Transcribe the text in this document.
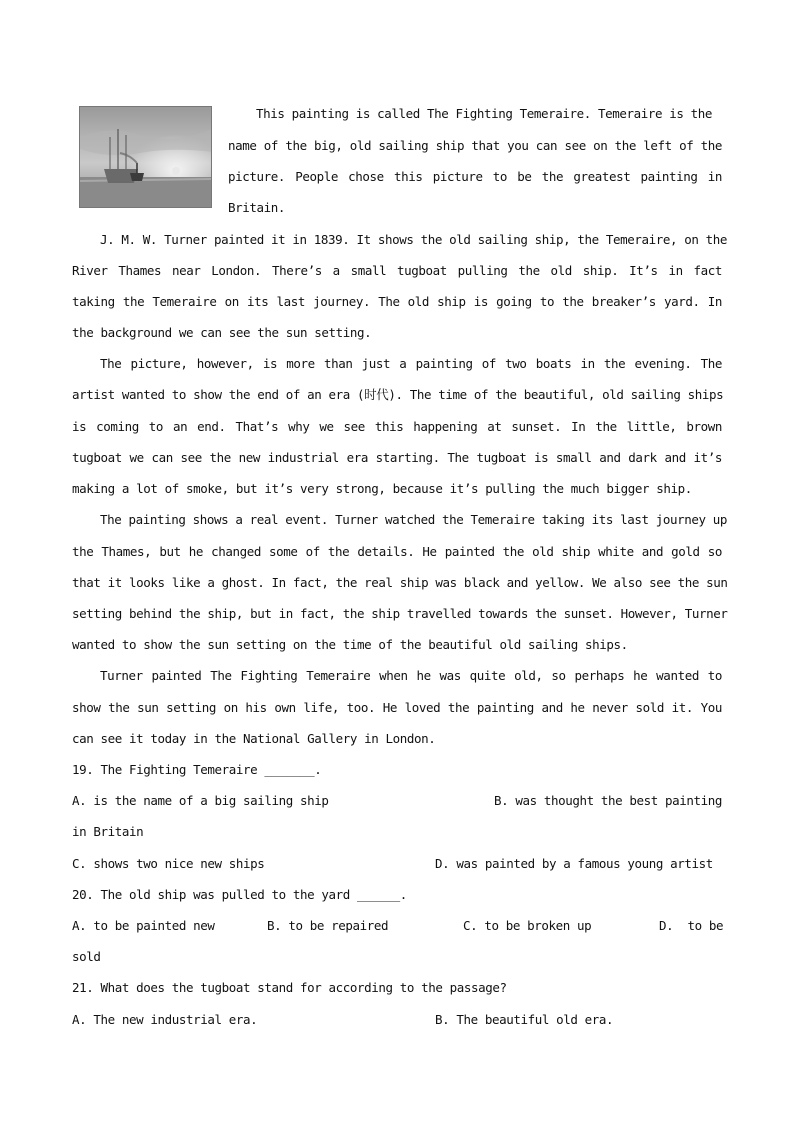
This painting is called The Fighting Temeraire. Temeraire is the
name of the big, old sailing ship that you can see on the left of the
picture. People chose this picture to be the greatest painting in
Britain.
J. M. W. Turner painted it in 1839. It shows the old sailing ship, the Temeraire, on the
River Thames near London. There’s a small tugboat pulling the old ship. It’s in fact
taking the Temeraire on its last journey. The old ship is going to the breaker’s yard. In
the background we can see the sun setting.
The picture, however, is more than just a painting of two boats in the evening. The
artist wanted to show the end of an era (时代). The time of the beautiful, old sailing ships
is coming to an end. That’s why we see this happening at sunset. In the little, brown
tugboat we can see the new industrial era starting. The tugboat is small and dark and it’s
making a lot of smoke, but it’s very strong, because it’s pulling the much bigger ship.
The painting shows a real event. Turner watched the Temeraire taking its last journey up
the Thames, but he changed some of the details. He painted the old ship white and gold so
that it looks like a ghost. In fact, the real ship was black and yellow. We also see the sun
setting behind the ship, but in fact, the ship travelled towards the sunset. However, Turner
wanted to show the sun setting on the time of the beautiful old sailing ships.
Turner painted The Fighting Temeraire when he was quite old, so perhaps he wanted to
show the sun setting on his own life, too. He loved the painting and he never sold it. You
can see it today in the National Gallery in London.
19. The Fighting Temeraire _______.
A. is the name of a big sailing ship	B. was thought the best painting
in Britain
C. shows two nice new ships	D. was painted by a famous young artist
20. The old ship was pulled to the yard ______.
A. to be painted new	B. to be repaired	C. to be broken up	D.  to be
sold
21. What does the tugboat stand for according to the passage?
A. The new industrial era.	B. The beautiful old era.
